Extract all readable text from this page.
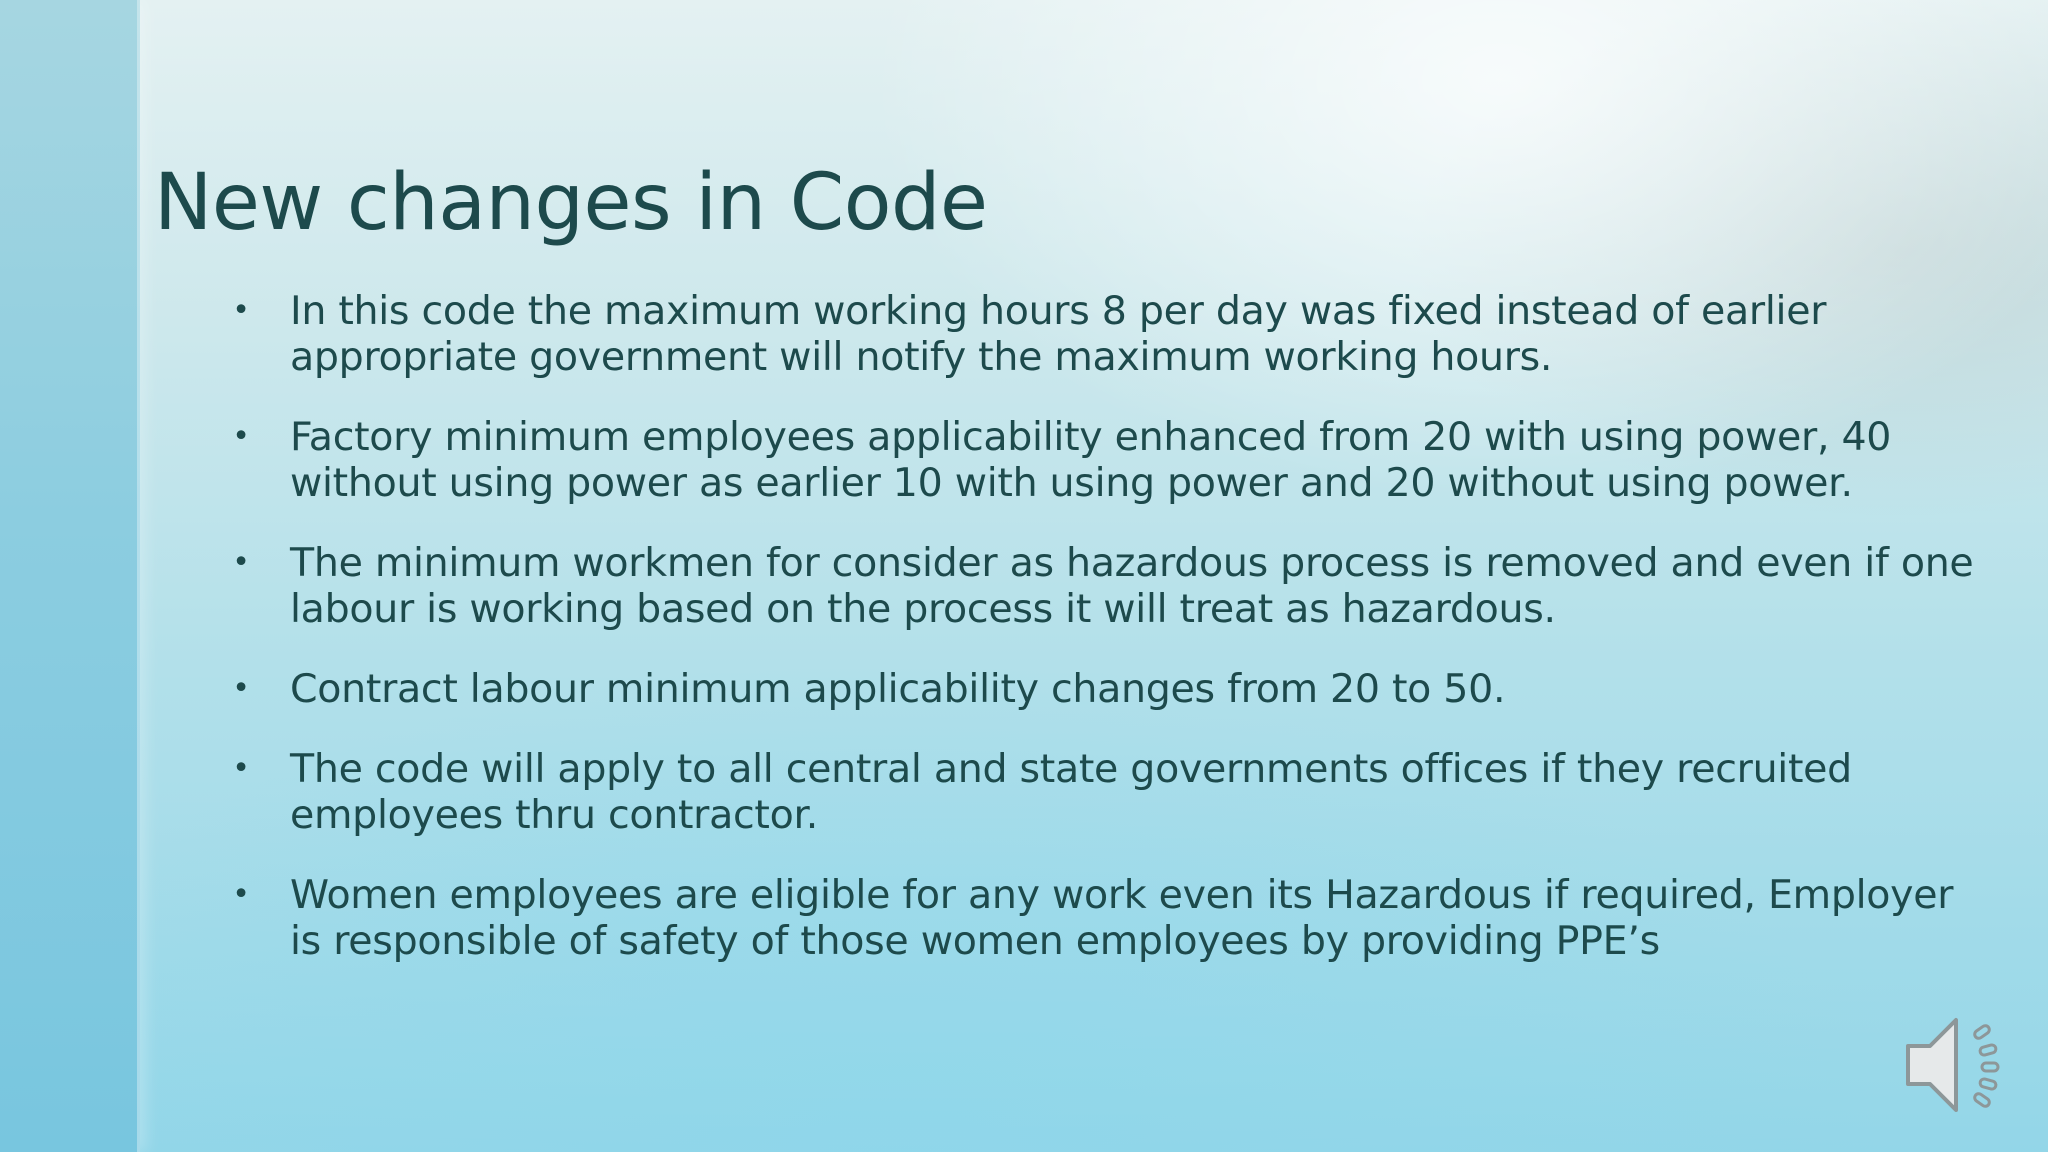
New changes in Code
• In this code the maximum working hours 8 per day was fixed instead of earlier appropriate government will notify the maximum working hours.
• Factory minimum employees applicability enhanced from 20 with using power, 40 without using power as earlier 10 with using power and 20 without using power.
• The minimum workmen for consider as hazardous process is removed and even if one labour is working based on the process it will treat as hazardous.
• Contract labour minimum applicability changes from 20 to 50.
• The code will apply to all central and state governments offices if they recruited employees thru contractor.
• Women employees are eligible for any work even its Hazardous if required, Employer is responsible of safety of those women employees by providing PPE’s
